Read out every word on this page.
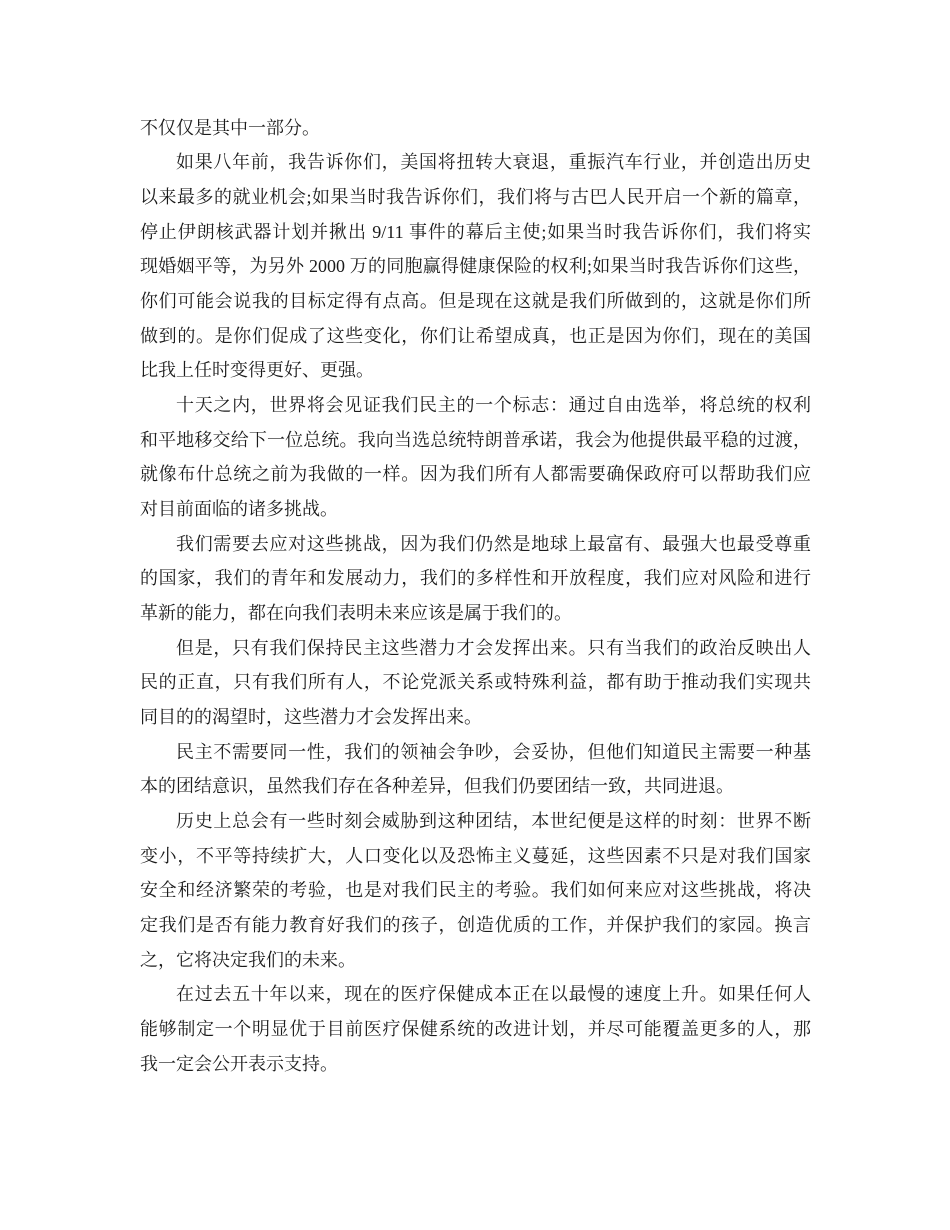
不仅仅是其中一部分。
如果八年前，我告诉你们，美国将扭转大衰退，重振汽车行业，并创造出历史
以来最多的就业机会;如果当时我告诉你们，我们将与古巴人民开启一个新的篇章，
停止伊朗核武器计划并揪出 9/11 事件的幕后主使;如果当时我告诉你们，我们将实
现婚姻平等，为另外 2000 万的同胞赢得健康保险的权利;如果当时我告诉你们这些，
你们可能会说我的目标定得有点高。但是现在这就是我们所做到的，这就是你们所
做到的。是你们促成了这些变化，你们让希望成真，也正是因为你们，现在的美国
比我上任时变得更好、更强。
十天之内，世界将会见证我们民主的一个标志：通过自由选举，将总统的权利
和平地移交给下一位总统。我向当选总统特朗普承诺，我会为他提供最平稳的过渡，
就像布什总统之前为我做的一样。因为我们所有人都需要确保政府可以帮助我们应
对目前面临的诸多挑战。
我们需要去应对这些挑战，因为我们仍然是地球上最富有、最强大也最受尊重
的国家，我们的青年和发展动力，我们的多样性和开放程度，我们应对风险和进行
革新的能力，都在向我们表明未来应该是属于我们的。
但是，只有我们保持民主这些潜力才会发挥出来。只有当我们的政治反映出人
民的正直，只有我们所有人，不论党派关系或特殊利益，都有助于推动我们实现共
同目的的渴望时，这些潜力才会发挥出来。
民主不需要同一性，我们的领袖会争吵，会妥协，但他们知道民主需要一种基
本的团结意识，虽然我们存在各种差异，但我们仍要团结一致，共同进退。
历史上总会有一些时刻会威胁到这种团结，本世纪便是这样的时刻：世界不断
变小，不平等持续扩大，人口变化以及恐怖主义蔓延，这些因素不只是对我们国家
安全和经济繁荣的考验，也是对我们民主的考验。我们如何来应对这些挑战，将决
定我们是否有能力教育好我们的孩子，创造优质的工作，并保护我们的家园。换言
之，它将决定我们的未来。
在过去五十年以来，现在的医疗保健成本正在以最慢的速度上升。如果任何人
能够制定一个明显优于目前医疗保健系统的改进计划，并尽可能覆盖更多的人，那
我一定会公开表示支持。
